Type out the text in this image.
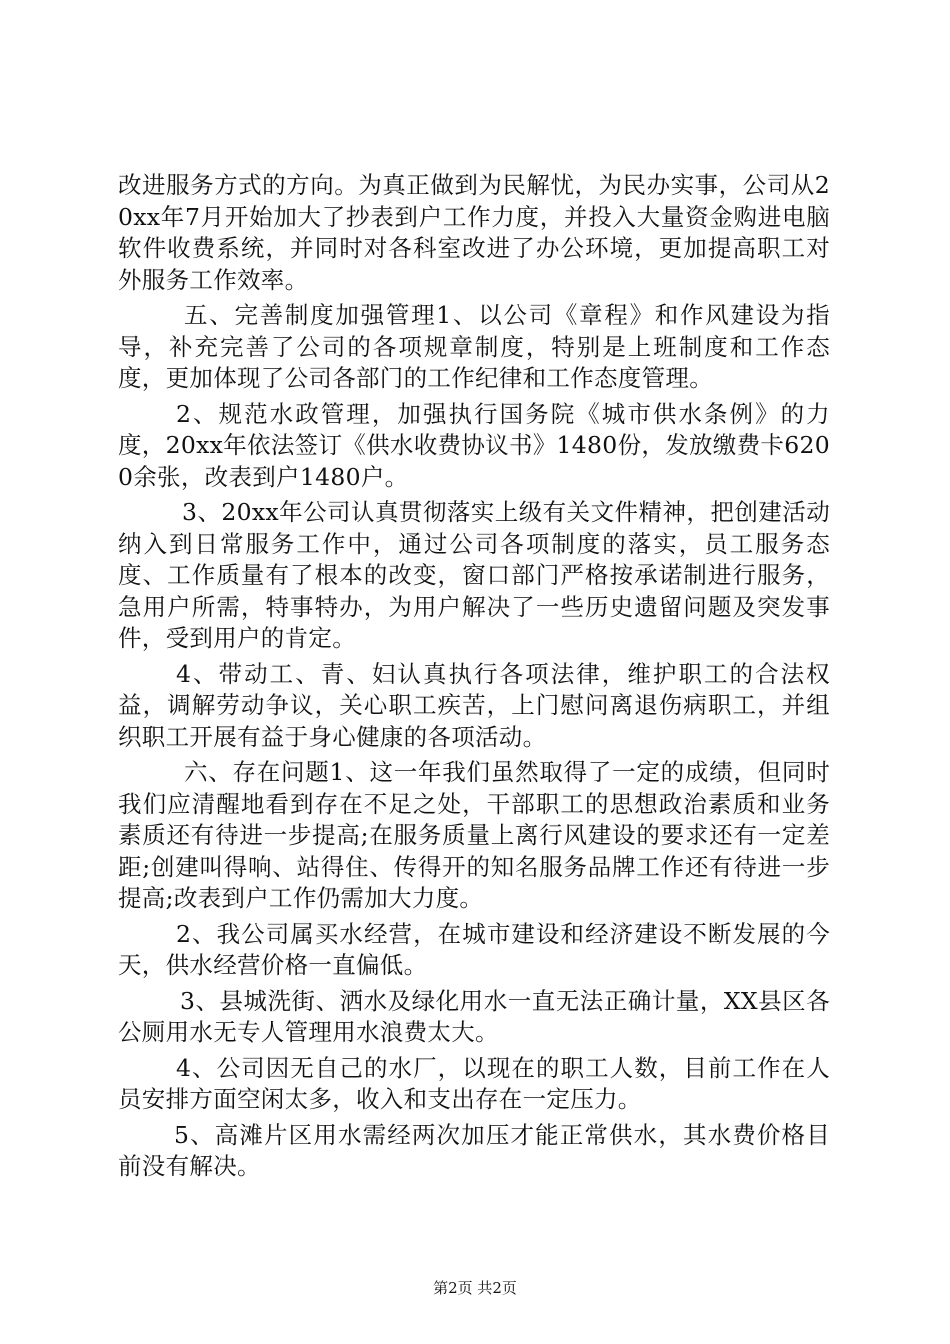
改进服务方式的方向。为真正做到为民解忧，为民办实事，公司从20xx年7月开始加大了抄表到户工作力度，并投入大量资金购进电脑软件收费系统，并同时对各科室改进了办公环境，更加提高职工对外服务工作效率。

五、完善制度加强管理1、以公司《章程》和作风建设为指导，补充完善了公司的各项规章制度，特别是上班制度和工作态度，更加体现了公司各部门的工作纪律和工作态度管理。

2、规范水政管理，加强执行国务院《城市供水条例》的力度，20xx年依法签订《供水收费协议书》1480份，发放缴费卡6200余张，改表到户1480户。

3、20xx年公司认真贯彻落实上级有关文件精神，把创建活动纳入到日常服务工作中，通过公司各项制度的落实，员工服务态度、工作质量有了根本的改变，窗口部门严格按承诺制进行服务，急用户所需，特事特办，为用户解决了一些历史遗留问题及突发事件，受到用户的肯定。

4、带动工、青、妇认真执行各项法律，维护职工的合法权益，调解劳动争议，关心职工疾苦，上门慰问离退伤病职工，并组织职工开展有益于身心健康的各项活动。

六、存在问题1、这一年我们虽然取得了一定的成绩，但同时我们应清醒地看到存在不足之处，干部职工的思想政治素质和业务素质还有待进一步提高;在服务质量上离行风建设的要求还有一定差距;创建叫得响、站得住、传得开的知名服务品牌工作还有待进一步提高;改表到户工作仍需加大力度。

2、我公司属买水经营，在城市建设和经济建设不断发展的今天，供水经营价格一直偏低。

3、县城洗街、洒水及绿化用水一直无法正确计量，XX县区各公厕用水无专人管理用水浪费太大。

4、公司因无自己的水厂，以现在的职工人数，目前工作在人员安排方面空闲太多，收入和支出存在一定压力。

5、高滩片区用水需经两次加压才能正常供水，其水费价格目前没有解决。

第2页 共2页
